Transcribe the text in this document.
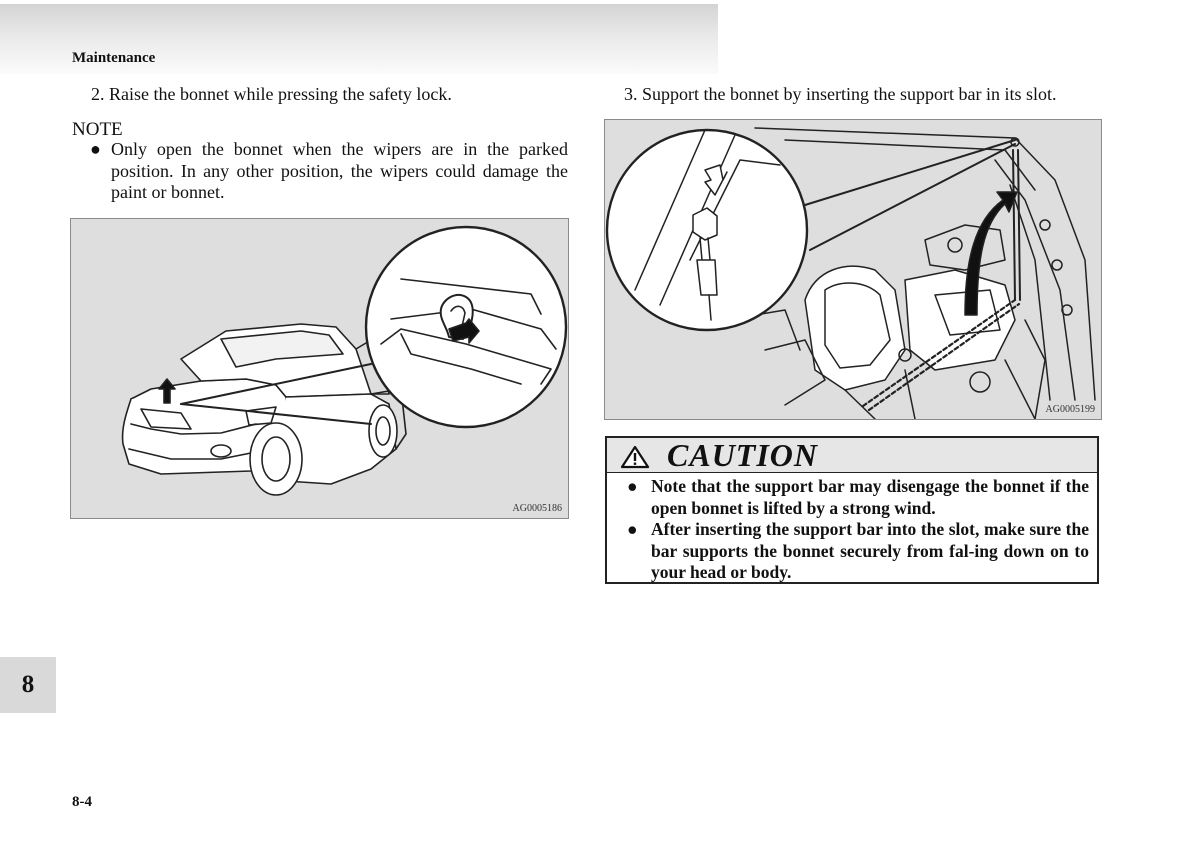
Maintenance
2. Raise the bonnet while pressing the safety lock.
NOTE
● Only open the bonnet when the wipers are in the parked position. In any other position, the wipers could damage the paint or bonnet.
AG0005186
3. Support the bonnet by inserting the support bar in its slot.
AG0005199
CAUTION
● Note that the support bar may disengage the bonnet if the open bonnet is lifted by a strong wind.
● After inserting the support bar into the slot, make sure the bar supports the bonnet securely from fal-ing down on to your head or body.
8
8-4
